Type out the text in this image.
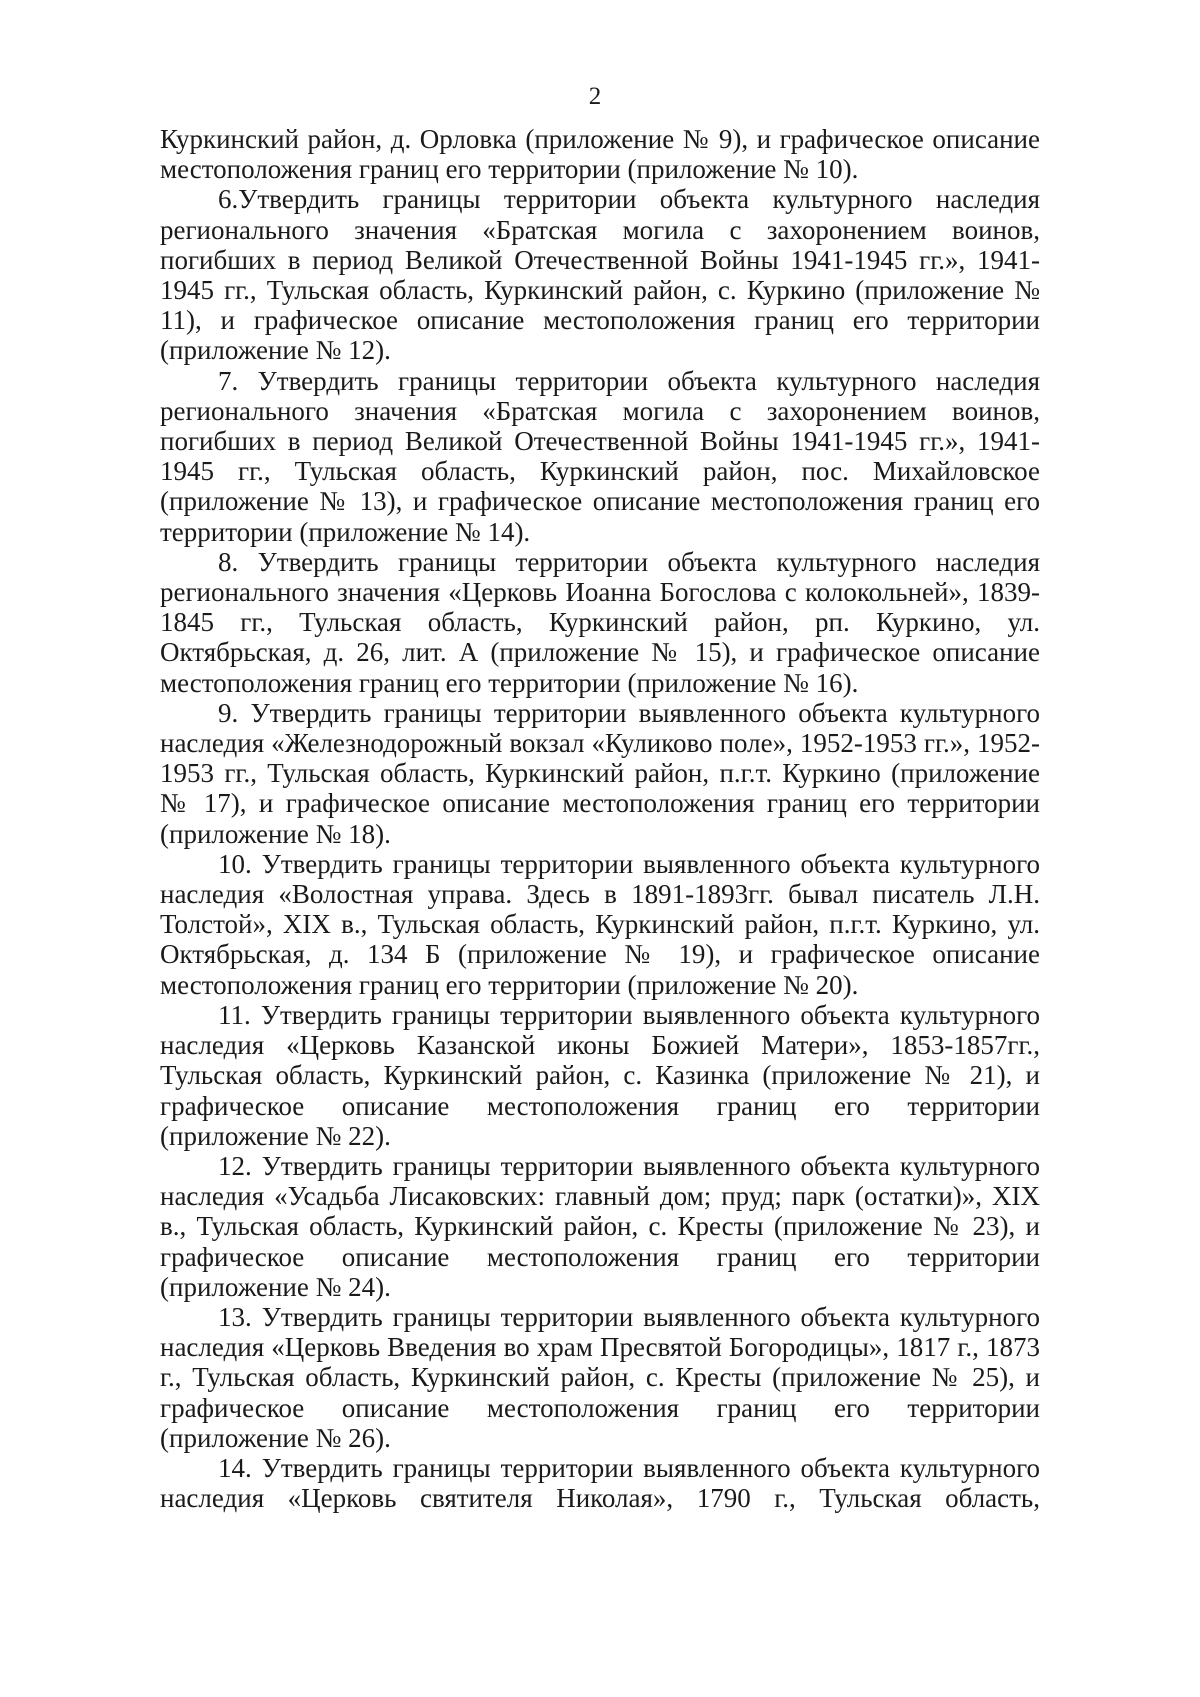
2

Куркинский район, д. Орловка (приложение № 9), и графическое описание местоположения границ его территории (приложение № 10).

6.Утвердить границы территории объекта культурного наследия регионального значения «Братская могила с захоронением воинов, погибших в период Великой Отечественной Войны 1941-1945 гг.», 1941-1945 гг., Тульская область, Куркинский район, с. Куркино (приложение № 11), и графическое описание местоположения границ его территории (приложение № 12).

7. Утвердить границы территории объекта культурного наследия регионального значения «Братская могила с захоронением воинов, погибших в период Великой Отечественной Войны 1941-1945 гг.», 1941-1945 гг., Тульская область, Куркинский район, пос. Михайловское (приложение № 13), и графическое описание местоположения границ его территории (приложение № 14).

8. Утвердить границы территории объекта культурного наследия регионального значения «Церковь Иоанна Богослова с колокольней», 1839-1845 гг., Тульская область, Куркинский район, рп. Куркино, ул. Октябрьская, д. 26, лит. А (приложение № 15), и графическое описание местоположения границ его территории (приложение № 16).

9. Утвердить границы территории выявленного объекта культурного наследия «Железнодорожный вокзал «Куликово поле», 1952-1953 гг.», 1952-1953 гг., Тульская область, Куркинский район, п.г.т. Куркино (приложение № 17), и графическое описание местоположения границ его территории (приложение № 18).

10. Утвердить границы территории выявленного объекта культурного наследия «Волостная управа. Здесь в 1891-1893гг. бывал писатель Л.Н. Толстой», XIX в., Тульская область, Куркинский район, п.г.т. Куркино, ул. Октябрьская, д. 134 Б (приложение № 19), и графическое описание местоположения границ его территории (приложение № 20).

11. Утвердить границы территории выявленного объекта культурного наследия «Церковь Казанской иконы Божией Матери», 1853-1857гг., Тульская область, Куркинский район, с. Казинка (приложение № 21), и графическое описание местоположения границ его территории (приложение № 22).

12. Утвердить границы территории выявленного объекта культурного наследия «Усадьба Лисаковских: главный дом; пруд; парк (остатки)», XIX в., Тульская область, Куркинский район, с. Кресты (приложение № 23), и графическое описание местоположения границ его территории (приложение № 24).

13. Утвердить границы территории выявленного объекта культурного наследия «Церковь Введения во храм Пресвятой Богородицы», 1817 г., 1873 г., Тульская область, Куркинский район, с. Кресты (приложение № 25), и графическое описание местоположения границ его территории (приложение № 26).

14. Утвердить границы территории выявленного объекта культурного наследия «Церковь святителя Николая», 1790 г., Тульская область,
